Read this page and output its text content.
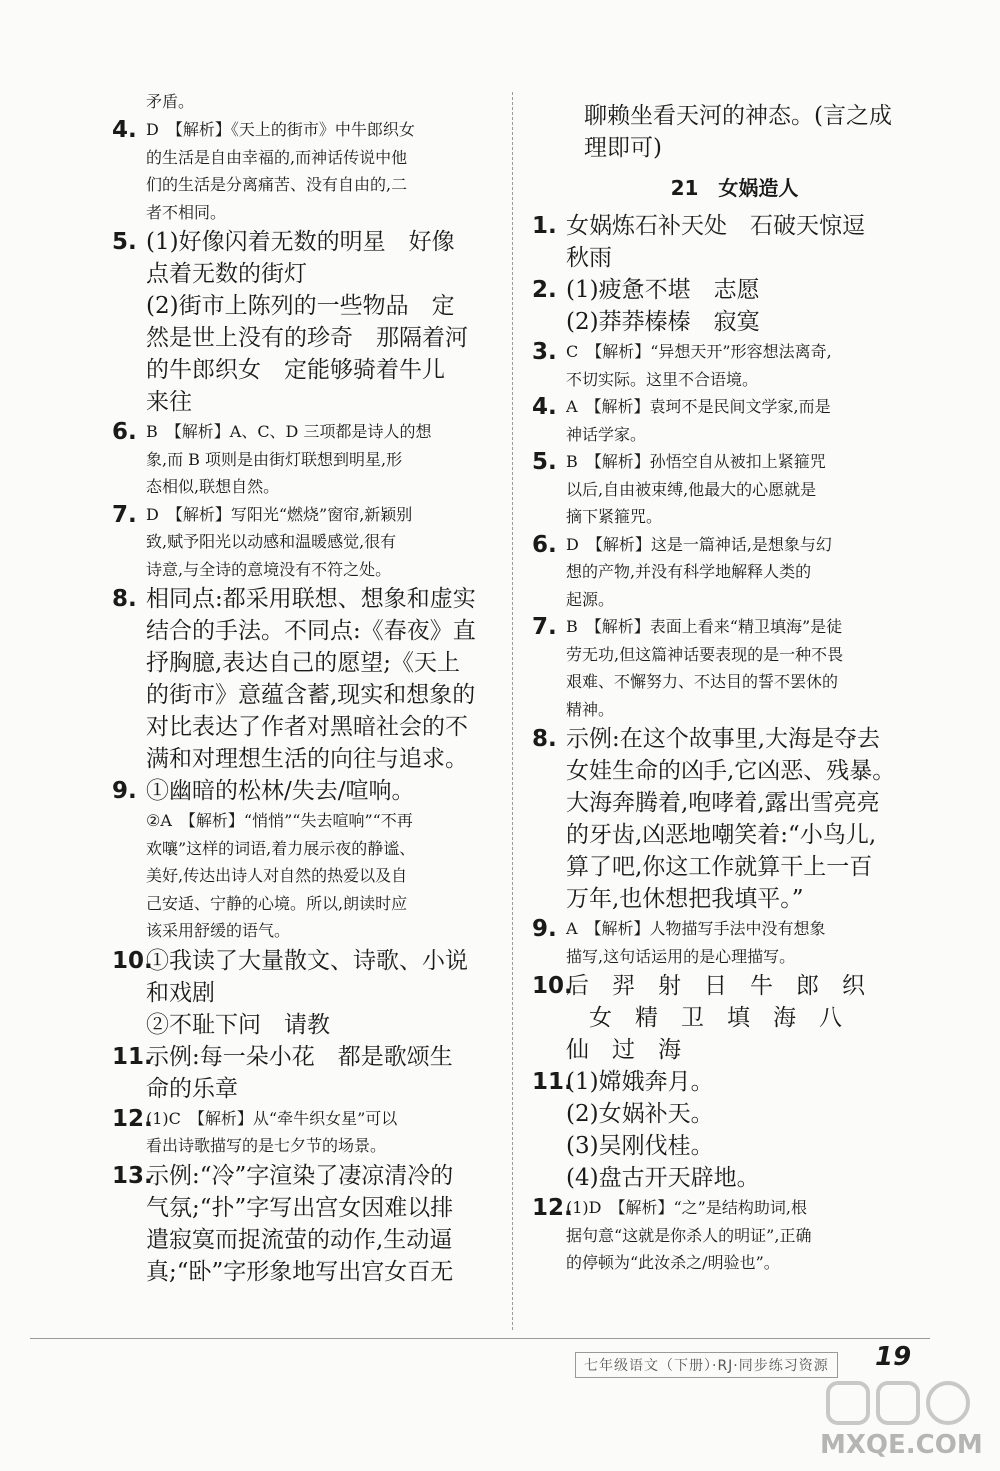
矛盾。
4. D　【解析】《天上的街市》中牛郎织女
的生活是自由幸福的,而神话传说中他
们的生活是分离痛苦、没有自由的,二
者不相同。
5. (1)好像闪着无数的明星　好像
点着无数的街灯
(2)街市上陈列的一些物品　定
然是世上没有的珍奇　那隔着河
的牛郎织女　定能够骑着牛儿
来往
6. B　【解析】A、C、D 三项都是诗人的想
象,而 B 项则是由街灯联想到明星,形
态相似,联想自然。
7. D　【解析】写阳光“燃烧”窗帘,新颖别
致,赋予阳光以动感和温暖感觉,很有
诗意,与全诗的意境没有不符之处。
8. 相同点:都采用联想、想象和虚实
结合的手法。不同点:《春夜》直
抒胸臆,表达自己的愿望;《天上
的街市》意蕴含蓄,现实和想象的
对比表达了作者对黑暗社会的不
满和对理想生活的向往与追求。
9. ①幽暗的松林/失去/喧响。
②A　【解析】“悄悄”“失去喧响”“不再
欢嚷”这样的词语,着力展示夜的静谧、
美好,传达出诗人对自然的热爱以及自
己安适、宁静的心境。所以,朗读时应
该采用舒缓的语气。
10.
①我读了大量散文、诗歌、小说
和戏剧
②不耻下问　请教
11.
示例:每一朵小花　都是歌颂生
命的乐章
12.
(1)C　【解析】从“牵牛织女星”可以
看出诗歌描写的是七夕节的场景。
13.
示例:“冷”字渲染了凄凉清冷的
气氛;“扑”字写出宫女因难以排
遣寂寞而捉流萤的动作,生动逼
真;“卧”字形象地写出宫女百无
聊赖坐看天河的神态。(言之成
理即可)
21　女娲造人
1. 女娲炼石补天处　石破天惊逗
秋雨
2. (1)疲惫不堪　志愿
(2)莽莽榛榛　寂寞
3. C　【解析】“异想天开”形容想法离奇,
不切实际。这里不合语境。
4. A　【解析】袁珂不是民间文学家,而是
神话学家。
5. B　【解析】孙悟空自从被扣上紧箍咒
以后,自由被束缚,他最大的心愿就是
摘下紧箍咒。
6. D　【解析】这是一篇神话,是想象与幻
想的产物,并没有科学地解释人类的
起源。
7. B　【解析】表面上看来“精卫填海”是徒
劳无功,但这篇神话要表现的是一种不畏
艰难、不懈努力、不达目的誓不罢休的
精神。
8. 示例:在这个故事里,大海是夺去
女娃生命的凶手,它凶恶、残暴。
大海奔腾着,咆哮着,露出雪亮亮
的牙齿,凶恶地嘲笑着:“小鸟儿,
算了吧,你这工作就算干上一百
万年,也休想把我填平。”
9. A　【解析】人物描写手法中没有想象
描写,这句话运用的是心理描写。
10.
后　羿　射　日　牛　郎　织
　女　精　卫　填　海　八
仙　过　海
11.
(1)嫦娥奔月。
(2)女娲补天。
(3)吴刚伐桂。
(4)盘古开天辟地。
12.
(1)D　【解析】“之”是结构助词,根
据句意“这就是你杀人的明证”,正确
的停顿为“此汝杀之/明验也”。
七年级语文（下册）·RJ·同步练习资源	19
MXQE.COM
